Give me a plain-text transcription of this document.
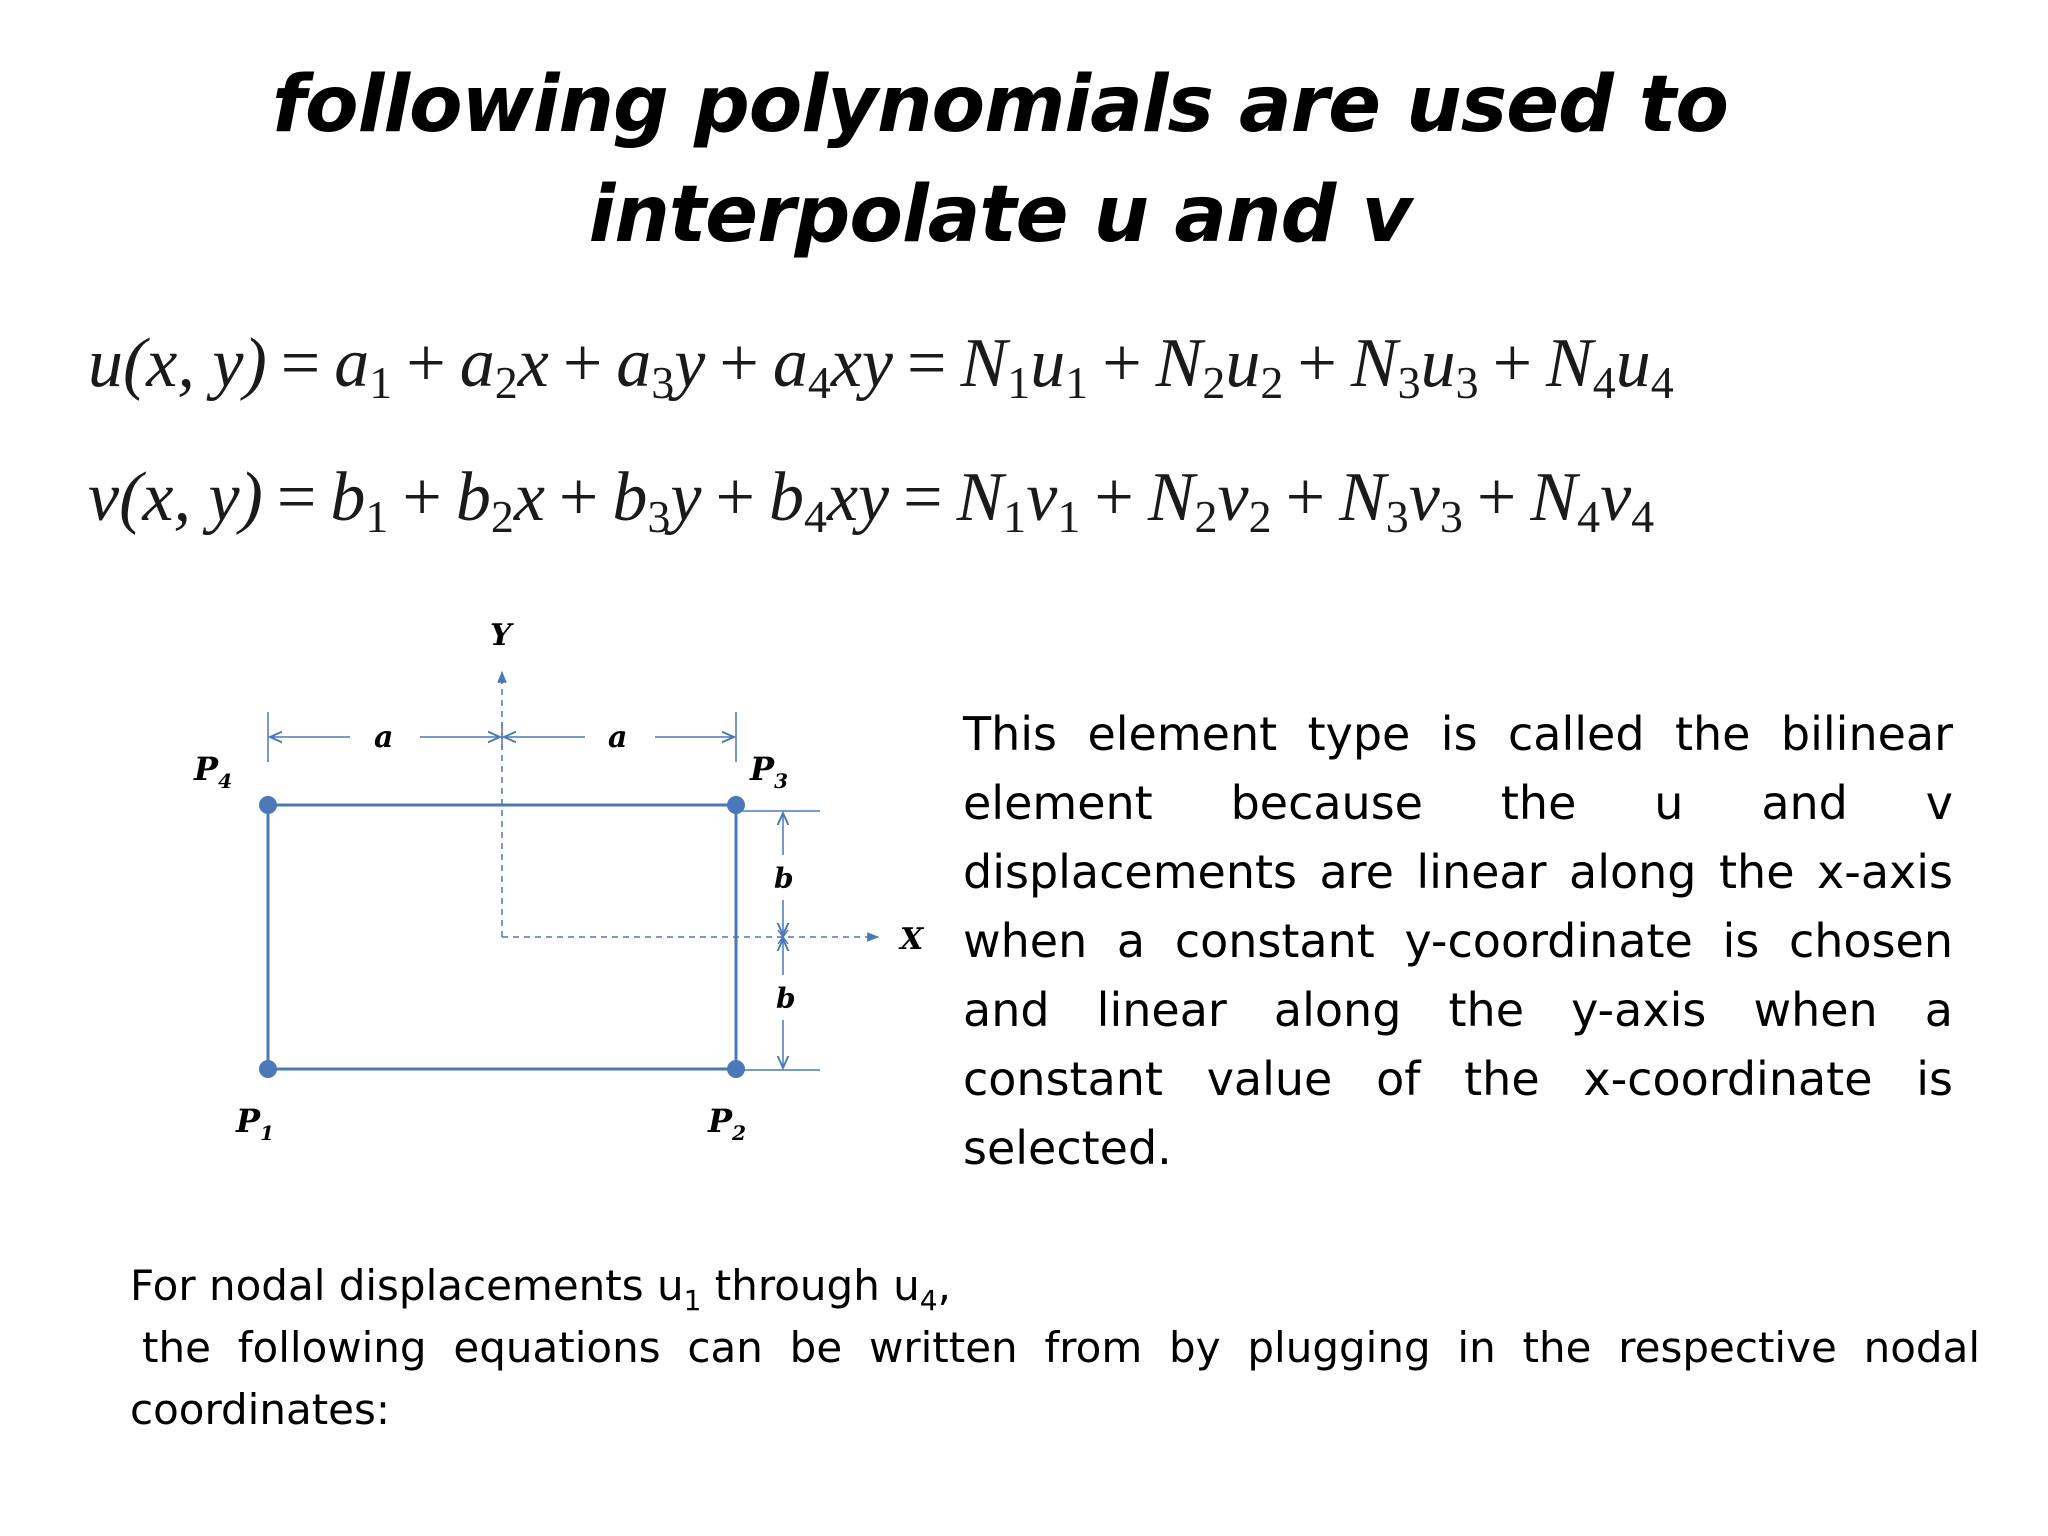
following polynomials are used to
interpolate u and v
u(x, $y) = a_1 + a_2x + a_3y + a_4xy = N_1u_1 + N_2u_2 + N_3u_3 + N_4u_4$
v(x, $y) = b_1 + b_2x + b_3y + b_4xy = N_1v_1 + N_2v_2 + N_3v_3 + N_4v_4$
Y
X
a	a
b
b
$P_1$	$P_2$
$P_3$
$P_4$
This element type is called the bilinear element because the u and v displacements are linear along the x-axis when a constant y-coordinate is chosen and linear along the y-axis when a constant value of the x-coordinate is selected.
For nodal displacements $u_1$ through $u_4$,
the following equations can be written from by plugging in the respective nodal
coordinates:
